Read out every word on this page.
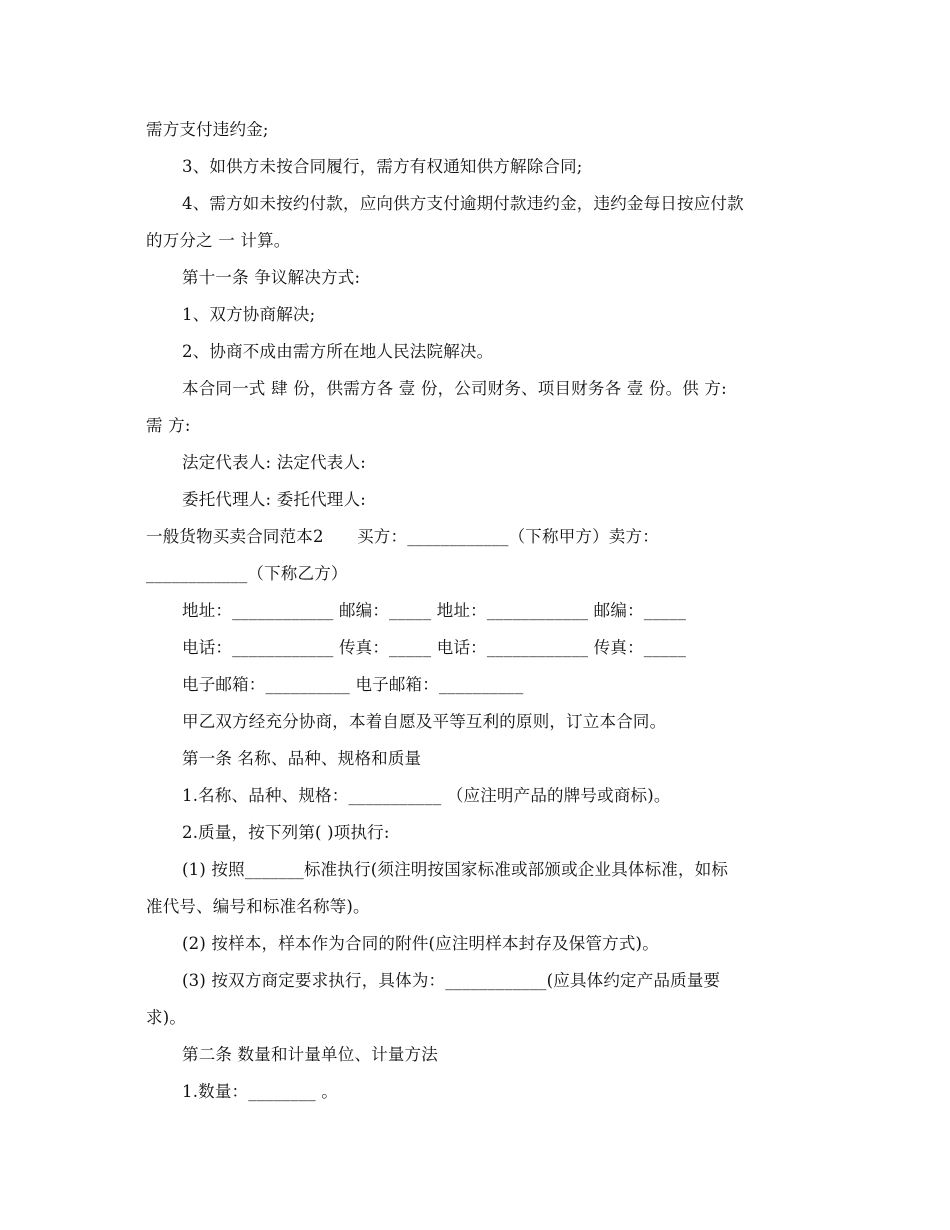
需方支付违约金;
3、如供方未按合同履行，需方有权通知供方解除合同;
4、需方如未按约付款，应向供方支付逾期付款违约金，违约金每日按应付款
的万分之 一 计算。
第十一条 争议解决方式:
1、双方协商解决;
2、协商不成由需方所在地人民法院解决。
本合同一式 肆 份，供需方各 壹 份，公司财务、项目财务各 壹 份。供 方:
需 方:
法定代表人: 法定代表人:
委托代理人: 委托代理人:
一般货物买卖合同范本2　　买方：____________（下称甲方）卖方：
____________（下称乙方）
地址：____________ 邮编：_____ 地址：____________ 邮编：_____
电话：____________ 传真：_____ 电话：____________ 传真：_____
电子邮箱：__________ 电子邮箱：__________
甲乙双方经充分协商，本着自愿及平等互利的原则，订立本合同。
第一条 名称、品种、规格和质量
1.名称、品种、规格：___________ （应注明产品的牌号或商标)。
2.质量，按下列第( )项执行:
(1) 按照_______标准执行(须注明按国家标准或部颁或企业具体标准，如标
准代号、编号和标准名称等)。
(2) 按样本，样本作为合同的附件(应注明样本封存及保管方式)。
(3) 按双方商定要求执行，具体为：____________(应具体约定产品质量要
求)。
第二条 数量和计量单位、计量方法
1.数量：________ 。
